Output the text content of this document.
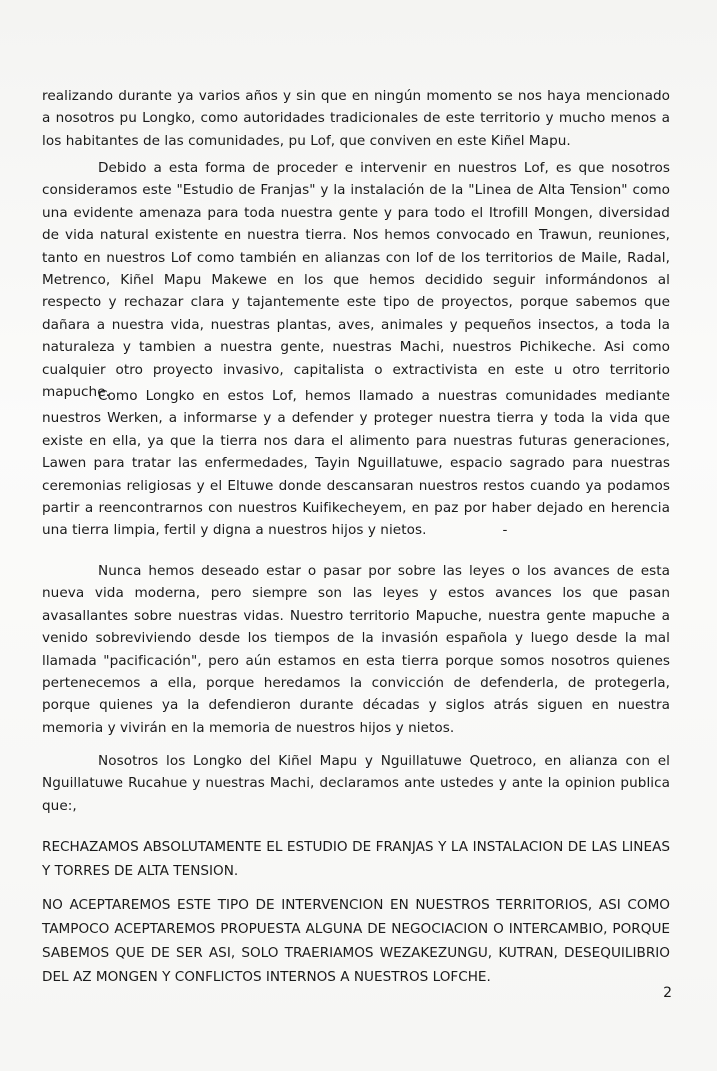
realizando durante ya varios años y sin que en ningún momento se nos haya mencionado a nosotros pu Longko, como autoridades tradicionales de este territorio y mucho menos a los habitantes de las comunidades, pu Lof, que conviven en este Kiñel Mapu.

Debido a esta forma de proceder e intervenir en nuestros Lof, es que nosotros consideramos este "Estudio de Franjas" y la instalación de la "Linea de Alta Tension" como una evidente amenaza para toda nuestra gente y para todo el Itrofill Mongen, diversidad de vida natural existente en nuestra tierra. Nos hemos convocado en Trawun, reuniones, tanto en nuestros Lof como también en alianzas con lof de los territorios de Maile, Radal, Metrenco, Kiñel Mapu Makewe en los que hemos decidido seguir informándonos al respecto y rechazar clara y tajantemente este tipo de proyectos, porque sabemos que dañara a nuestra vida, nuestras plantas, aves, animales y pequeños insectos, a toda la naturaleza y tambien a nuestra gente, nuestras Machi, nuestros Pichikeche. Asi como cualquier otro proyecto invasivo, capitalista o extractivista en este u otro territorio mapuche.

Como Longko en estos Lof, hemos llamado a nuestras comunidades mediante nuestros Werken, a informarse y a defender y proteger nuestra tierra y toda la vida que existe en ella, ya que la tierra nos dara el alimento para nuestras futuras generaciones, Lawen para tratar las enfermedades, Tayin Nguillatuwe, espacio sagrado para nuestras ceremonias religiosas y el Eltuwe donde descansaran nuestros restos cuando ya podamos partir a reencontrarnos con nuestros Kuifikecheyem, en paz por haber dejado en herencia una tierra limpia, fertil y digna a nuestros hijos y nietos.	-

Nunca hemos deseado estar o pasar por sobre las leyes o los avances de esta nueva vida moderna, pero siempre son las leyes y estos avances los que pasan avasallantes sobre nuestras vidas. Nuestro territorio Mapuche, nuestra gente mapuche a venido sobreviviendo desde los tiempos de la invasión española y luego desde la mal llamada "pacificación", pero aún estamos en esta tierra porque somos nosotros quienes pertenecemos a ella, porque heredamos la convicción de defenderla, de protegerla, porque quienes ya la defendieron durante décadas y siglos atrás siguen en nuestra memoria y vivirán en la memoria de nuestros hijos y nietos.

Nosotros los Longko del Kiñel Mapu y Nguillatuwe Quetroco, en alianza con el Nguillatuwe Rucahue y nuestras Machi, declaramos ante ustedes y ante la opinion publica que:,

RECHAZAMOS ABSOLUTAMENTE EL ESTUDIO DE FRANJAS Y LA INSTALACION DE LAS LINEAS Y TORRES DE ALTA TENSION.

NO ACEPTAREMOS ESTE TIPO DE INTERVENCION EN NUESTROS TERRITORIOS, ASI COMO TAMPOCO ACEPTAREMOS PROPUESTA ALGUNA DE NEGOCIACION O INTERCAMBIO, PORQUE SABEMOS QUE DE SER ASI, SOLO TRAERIAMOS WEZAKEZUNGU, KUTRAN, DESEQUILIBRIO DEL AZ MONGEN Y CONFLICTOS INTERNOS A NUESTROS LOFCHE.

2
